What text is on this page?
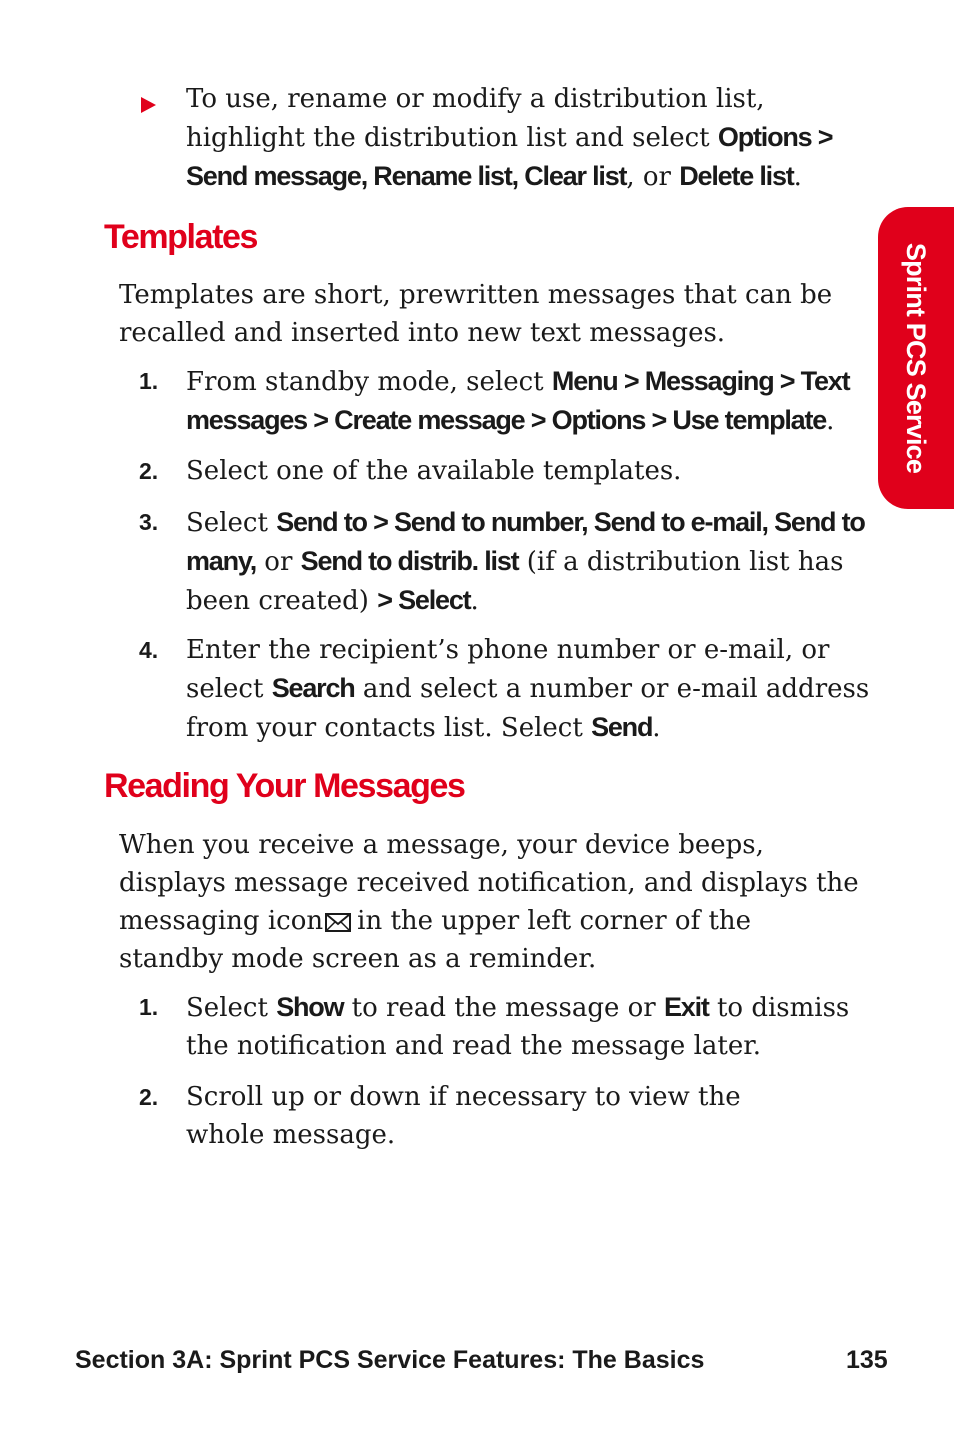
Sprint PCS Service
To use, rename or modify a distribution list, highlight the distribution list and select Options > Send message, Rename list, Clear list, or Delete list.
Templates
Templates are short, prewritten messages that can be recalled and inserted into new text messages.
1. From standby mode, select Menu > Messaging > Text messages > Create message > Options > Use template.
2. Select one of the available templates.
3. Select Send to > Send to number, Send to e-mail, Send to many, or Send to distrib. list (if a distribution list has been created) > Select.
4. Enter the recipient’s phone number or e-mail, or select Search and select a number or e-mail address from your contacts list. Select Send.
Reading Your Messages
When you receive a message, your device beeps, displays message received notification, and displays the messaging icon in the upper left corner of the standby mode screen as a reminder.
1. Select Show to read the message or Exit to dismiss the notification and read the message later.
2. Scroll up or down if necessary to view the
whole message.
Section 3A: Sprint PCS Service Features: The Basics	135
